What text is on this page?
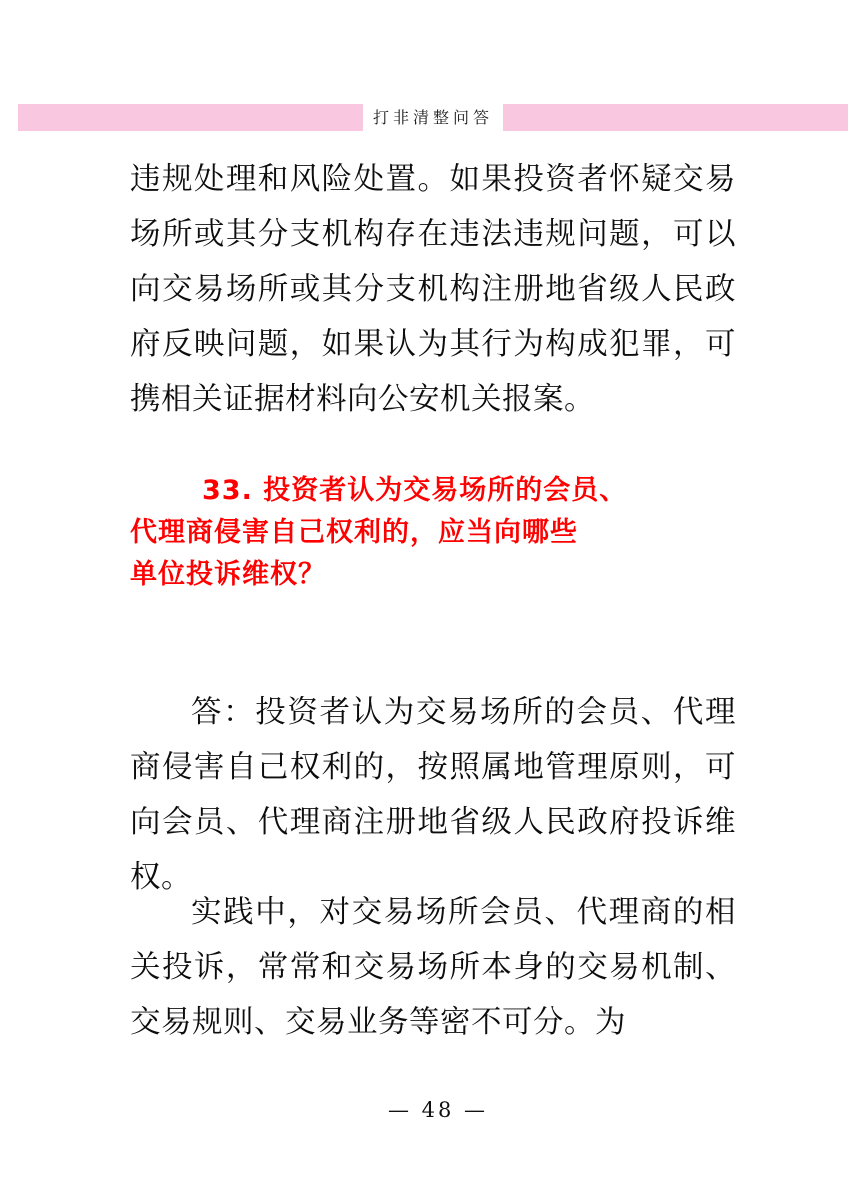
打非清整问答

违规处理和风险处置。如果投资者怀疑交易场所或其分支机构存在违法违规问题，可以向交易场所或其分支机构注册地省级人民政府反映问题，如果认为其行为构成犯罪，可携相关证据材料向公安机关报案。

33. 投资者认为交易场所的会员、
代理商侵害自己权利的，应当向哪些
单位投诉维权？

答：投资者认为交易场所的会员、代理商侵害自己权利的，按照属地管理原则，可向会员、代理商注册地省级人民政府投诉维权。

实践中，对交易场所会员、代理商的相关投诉，常常和交易场所本身的交易机制、交易规则、交易业务等密不可分。为

— 48 —
